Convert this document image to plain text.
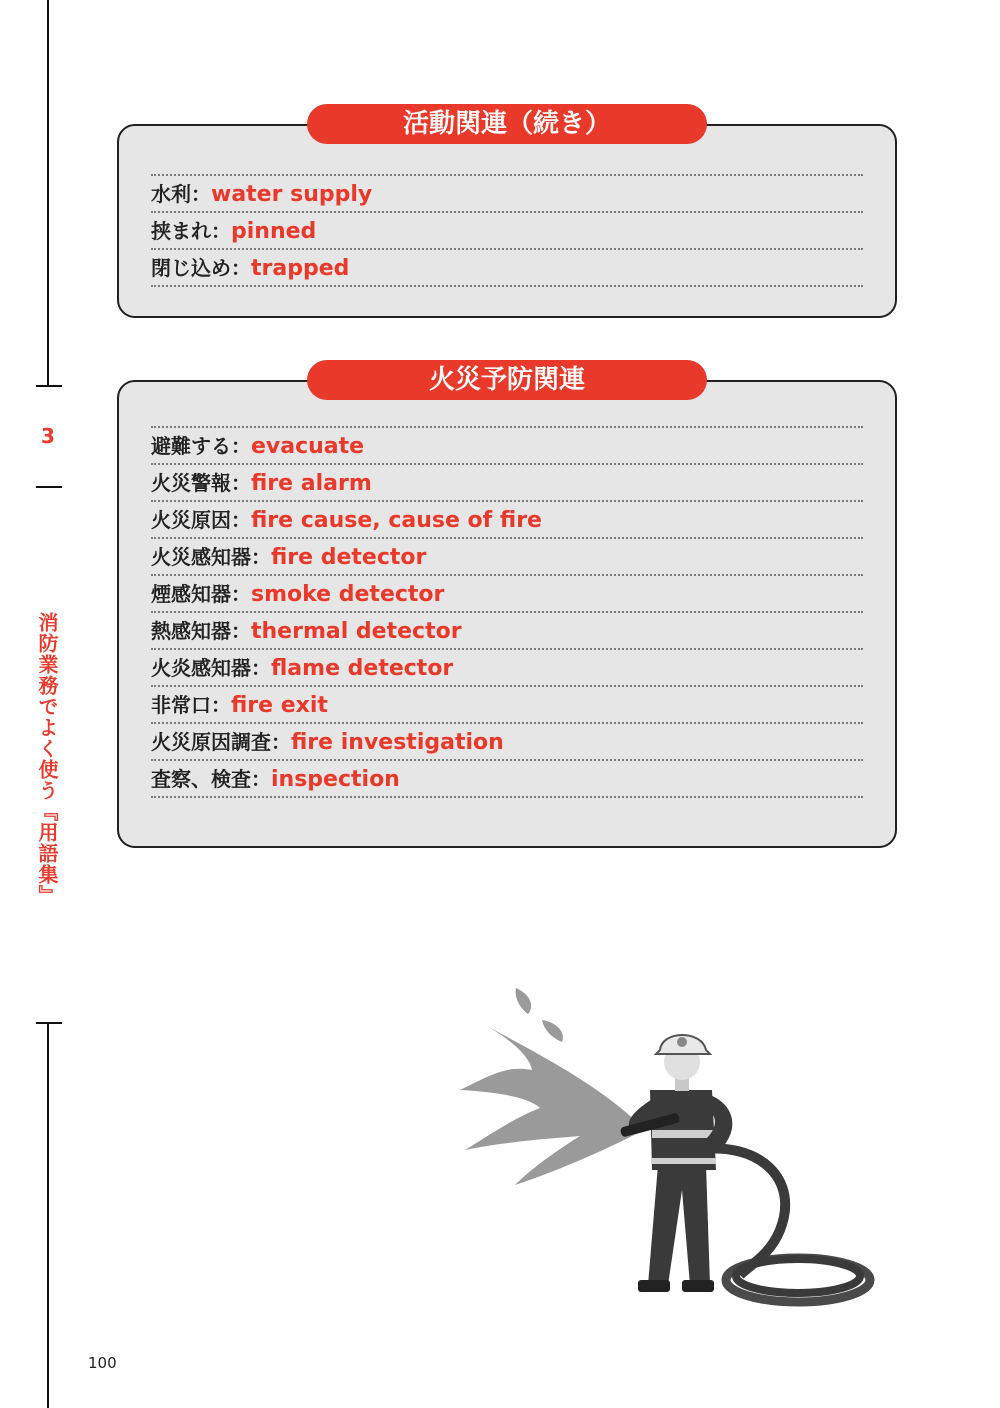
3
消防業務でよく使う『用語集』
水利：water supply
挟まれ：pinned
閉じ込め：trapped
活動関連（続き）
避難する：evacuate
火災警報：fire alarm
火災原因：fire cause, cause of fire
火災感知器：fire detector
煙感知器：smoke detector
熱感知器：thermal detector
火炎感知器：flame detector
非常口：fire exit
火災原因調査：fire investigation
査察、検査：inspection
火災予防関連
100
